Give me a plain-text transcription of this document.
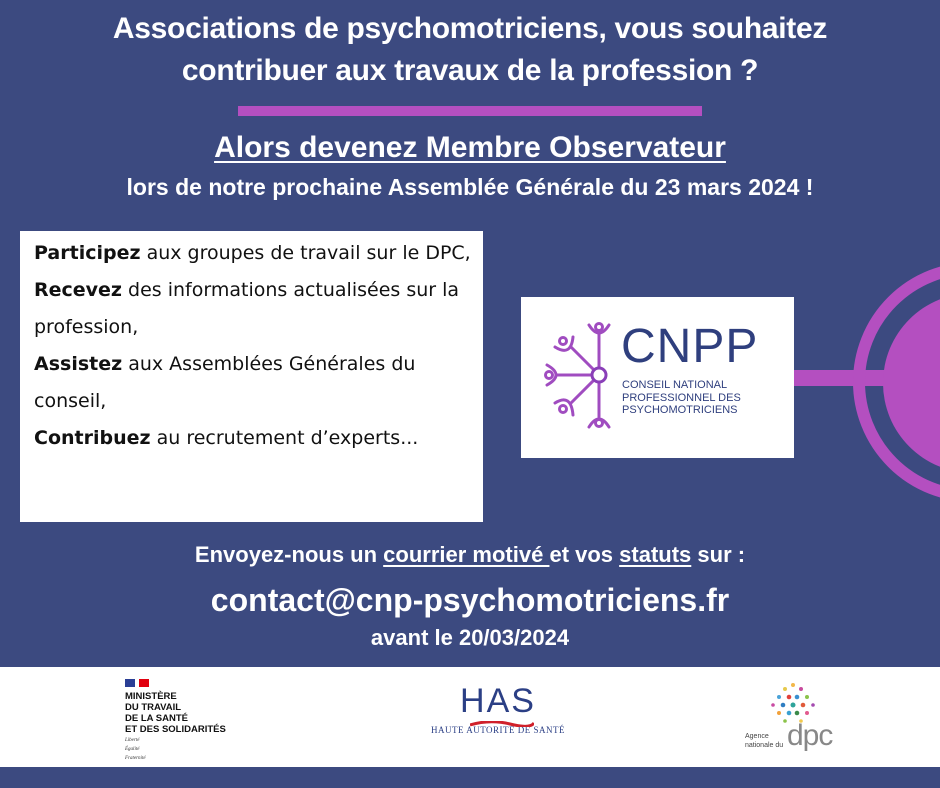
Associations de psychomotriciens, vous souhaitez
contribuer aux travaux de la profession ?
Alors devenez Membre Observateur
lors de notre prochaine Assemblée Générale du 23 mars 2024 !

Participez aux groupes de travail sur le DPC,

Recevez des informations actualisées sur la profession,

Assistez aux Assemblées Générales du conseil,

Contribuez au recrutement d’experts...

CNPP
CONSEIL NATIONAL
PROFESSIONNEL DES
PSYCHOMOTRICIENS
Envoyez-nous un courrier motivé et vos statuts sur :
contact@cnp-psychomotriciens.fr
avant le 20/03/2024
MINISTÈRE
DU TRAVAIL
DE LA SANTÉ
ET DES SOLIDARITÉS
Liberté
Égalité
Fraternité
HAS
HAUTE AUTORITÉ DE SANTÉ	dpc
Agence
nationale du
